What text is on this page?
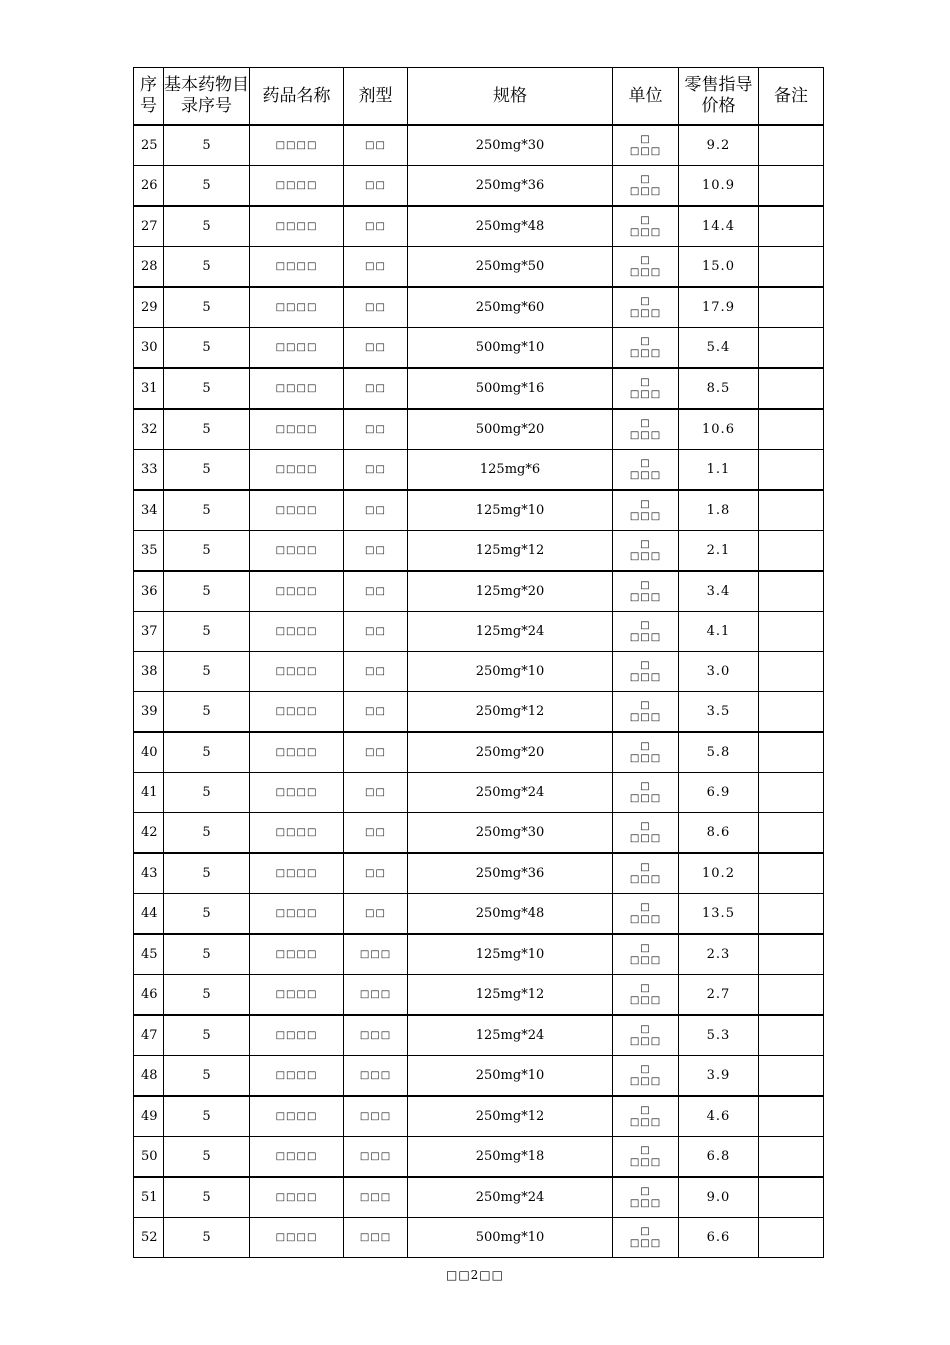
序号	基本药物目录序号	药品名称	剂型	规格	单位	零售指导价格	备注
25	5	□□□□	□□	250mg*30	□
□□□	9.2	
26	5	□□□□	□□	250mg*36	□
□□□	10.9	
27	5	□□□□	□□	250mg*48	□
□□□	14.4	
28	5	□□□□	□□	250mg*50	□
□□□	15.0	
29	5	□□□□	□□	250mg*60	□
□□□	17.9	
30	5	□□□□	□□	500mg*10	□
□□□	5.4	
31	5	□□□□	□□	500mg*16	□
□□□	8.5	
32	5	□□□□	□□	500mg*20	□
□□□	10.6	
33	5	□□□□	□□	125mg*6	□
□□□	1.1	
34	5	□□□□	□□	125mg*10	□
□□□	1.8	
35	5	□□□□	□□	125mg*12	□
□□□	2.1	
36	5	□□□□	□□	125mg*20	□
□□□	3.4	
37	5	□□□□	□□	125mg*24	□
□□□	4.1	
38	5	□□□□	□□	250mg*10	□
□□□	3.0	
39	5	□□□□	□□	250mg*12	□
□□□	3.5	
40	5	□□□□	□□	250mg*20	□
□□□	5.8	
41	5	□□□□	□□	250mg*24	□
□□□	6.9	
42	5	□□□□	□□	250mg*30	□
□□□	8.6	
43	5	□□□□	□□	250mg*36	□
□□□	10.2	
44	5	□□□□	□□	250mg*48	□
□□□	13.5	
45	5	□□□□	□□□	125mg*10	□
□□□	2.3	
46	5	□□□□	□□□	125mg*12	□
□□□	2.7	
47	5	□□□□	□□□	125mg*24	□
□□□	5.3	
48	5	□□□□	□□□	250mg*10	□
□□□	3.9	
49	5	□□□□	□□□	250mg*12	□
□□□	4.6	
50	5	□□□□	□□□	250mg*18	□
□□□	6.8	
51	5	□□□□	□□□	250mg*24	□
□□□	9.0	
52	5	□□□□	□□□	500mg*10	□
□□□	6.6	
□□2□□
